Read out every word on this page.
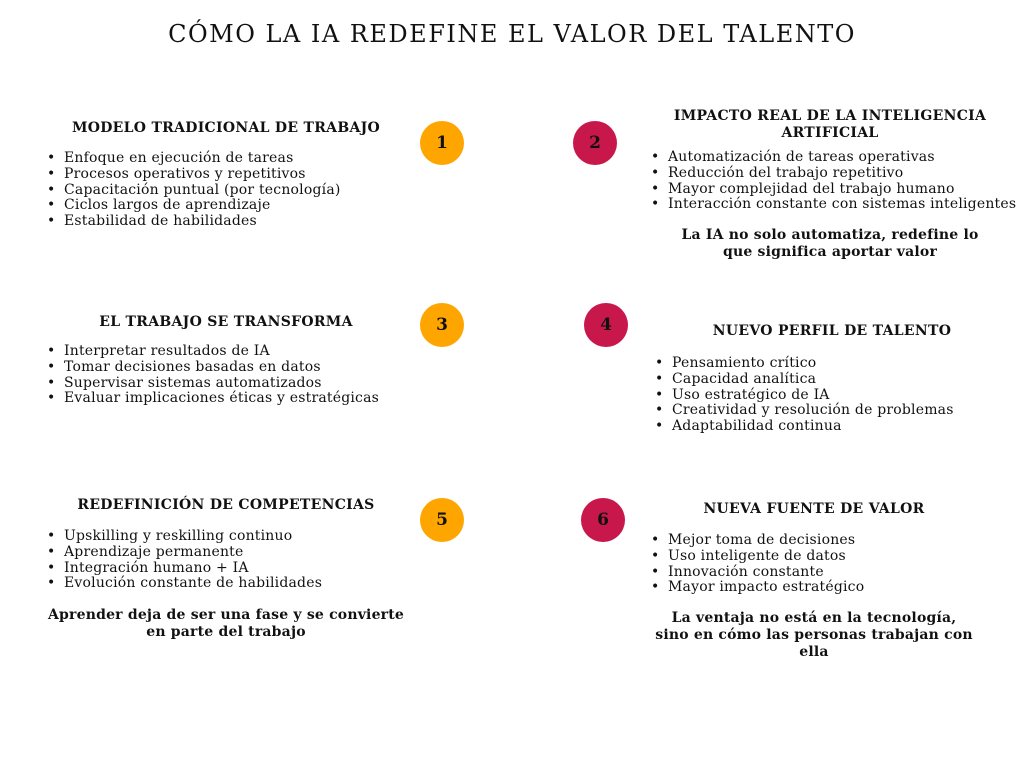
CÓMO LA IA REDEFINE EL VALOR DEL TALENTO
MODELO TRADICIONAL DE TRABAJO
• Enfoque en ejecución de tareas
• Procesos operativos y repetitivos
• Capacitación puntual (por tecnología)
• Ciclos largos de aprendizaje
• Estabilidad de habilidades
1	2
IMPACTO REAL DE LA INTELIGENCIA ARTIFICIAL
• Automatización de tareas operativas
• Reducción del trabajo repetitivo
• Mayor complejidad del trabajo humano
• Interacción constante con sistemas inteligentes

La IA no solo automatiza, redefine lo que significa aportar valor

EL TRABAJO SE TRANSFORMA
• Interpretar resultados de IA
• Tomar decisiones basadas en datos
• Supervisar sistemas automatizados
• Evaluar implicaciones éticas y estratégicas
3	4	NUEVO PERFIL DE TALENTO
• Pensamiento crítico
• Capacidad analítica
• Uso estratégico de IA
• Creatividad y resolución de problemas
• Adaptabilidad continua
REDEFINICIÓN DE COMPETENCIAS
• Upskilling y reskilling continuo
• Aprendizaje permanente
• Integración humano + IA
• Evolución constante de habilidades

Aprender deja de ser una fase y se convierte en parte del trabajo

5	6
NUEVA FUENTE DE VALOR
• Mejor toma de decisiones
• Uso inteligente de datos
• Innovación constante
• Mayor impacto estratégico

La ventaja no está en la tecnología, sino en cómo las personas trabajan con ella
